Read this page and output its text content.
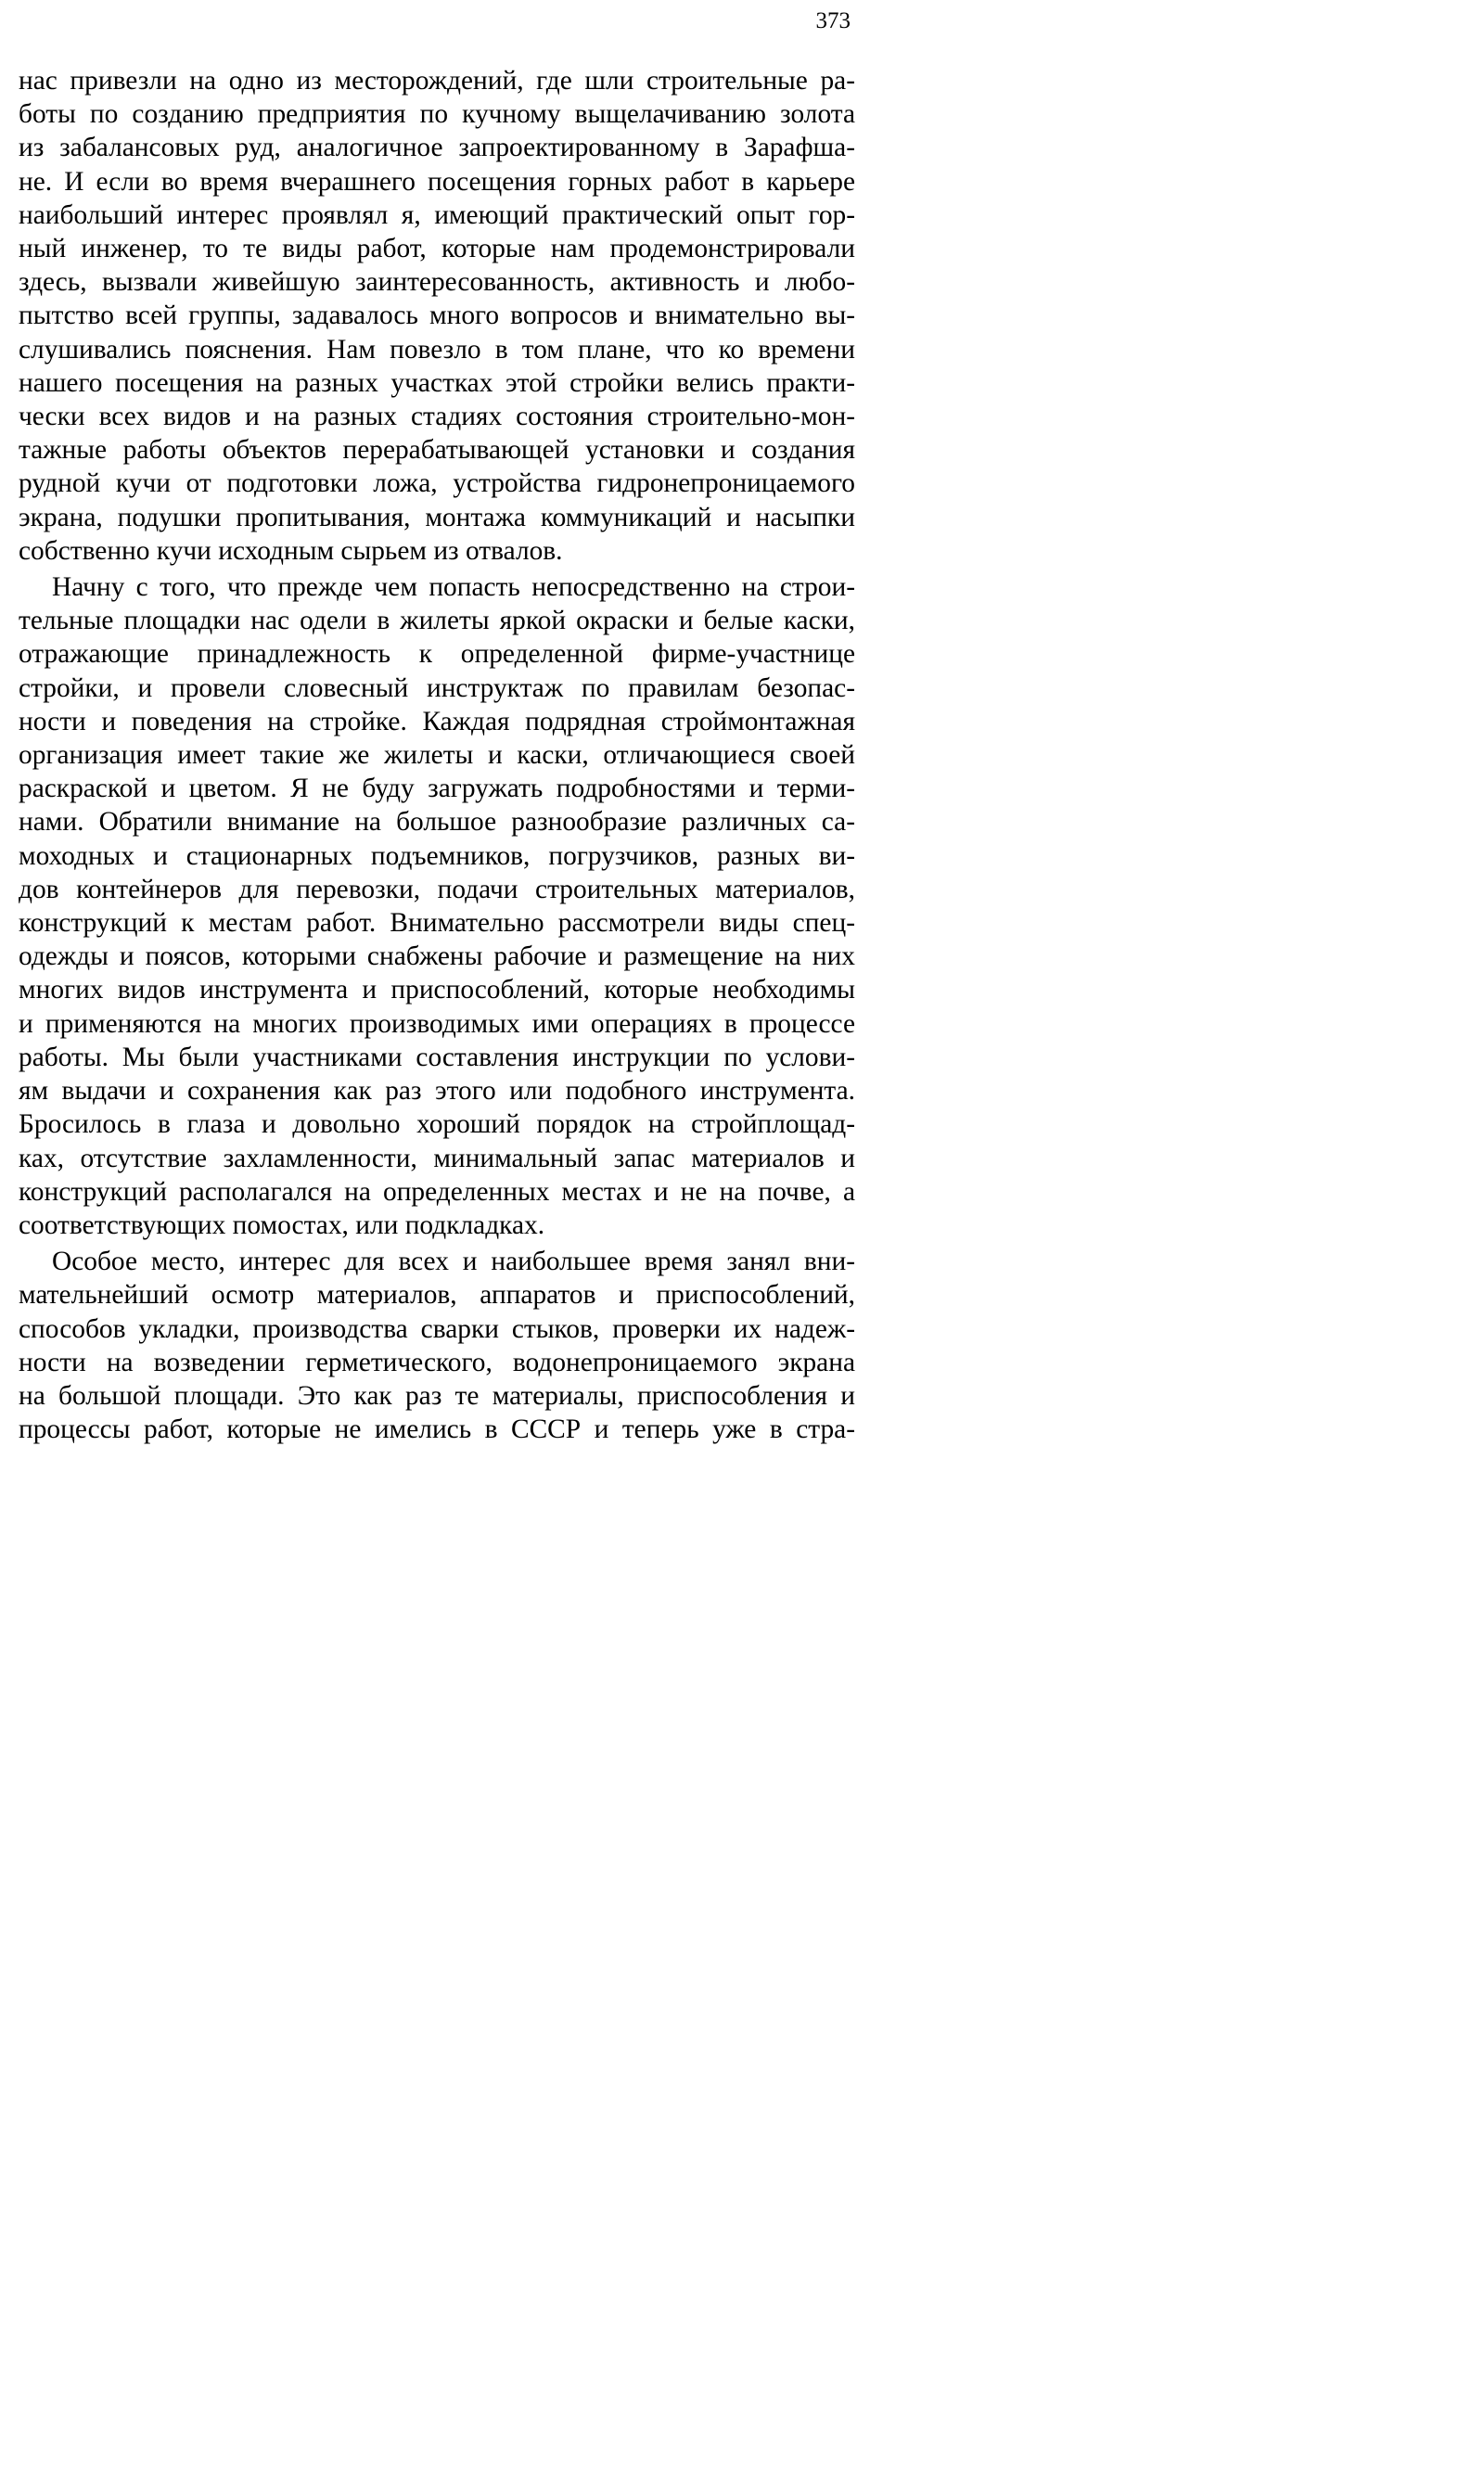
373

нас привезли на одно из месторождений, где шли строительные ра-
боты по созданию предприятия по кучному выщелачиванию золота
из забалансовых руд, аналогичное запроектированному в Зарафша-
не. И если во время вчерашнего посещения горных работ в карьере
наибольший интерес проявлял я, имеющий практический опыт гор-
ный инженер, то те виды работ, которые нам продемонстрировали
здесь, вызвали живейшую заинтересованность, активность и любо-
пытство всей группы, задавалось много вопросов и внимательно вы-
слушивались пояснения. Нам повезло в том плане, что ко времени
нашего посещения на разных участках этой стройки велись практи-
чески всех видов и на разных стадиях состояния строительно-мон-
тажные работы объектов перерабатывающей установки и создания
рудной кучи от подготовки ложа, устройства гидронепроницаемого
экрана, подушки пропитывания, монтажа коммуникаций и насыпки
собственно кучи исходным сырьем из отвалов.

Начну с того, что прежде чем попасть непосредственно на строи-
тельные площадки нас одели в жилеты яркой окраски и белые каски,
отражающие принадлежность к определенной фирме-участнице
стройки, и провели словесный инструктаж по правилам безопас-
ности и поведения на стройке. Каждая подрядная строймонтажная
организация имеет такие же жилеты и каски, отличающиеся своей
раскраской и цветом. Я не буду загружать подробностями и терми-
нами. Обратили внимание на большое разнообразие различных са-
моходных и стационарных подъемников, погрузчиков, разных ви-
дов контейнеров для перевозки, подачи строительных материалов,
конструкций к местам работ. Внимательно рассмотрели виды спец-
одежды и поясов, которыми снабжены рабочие и размещение на них
многих видов инструмента и приспособлений, которые необходимы
и применяются на многих производимых ими операциях в процессе
работы. Мы были участниками составления инструкции по услови-
ям выдачи и сохранения как раз этого или подобного инструмента.
Бросилось в глаза и довольно хороший порядок на стройплощад-
ках, отсутствие захламленности, минимальный запас материалов и
конструкций располагался на определенных местах и не на почве, а
соответствующих помостах, или подкладках.

Особое место, интерес для всех и наибольшее время занял вни-
мательнейший осмотр материалов, аппаратов и приспособлений,
способов укладки, производства сварки стыков, проверки их надеж-
ности на возведении герметического, водонепроницаемого экрана
на большой площади. Это как раз те материалы, приспособления и
процессы работ, которые не имелись в СССР и теперь уже в стра-
